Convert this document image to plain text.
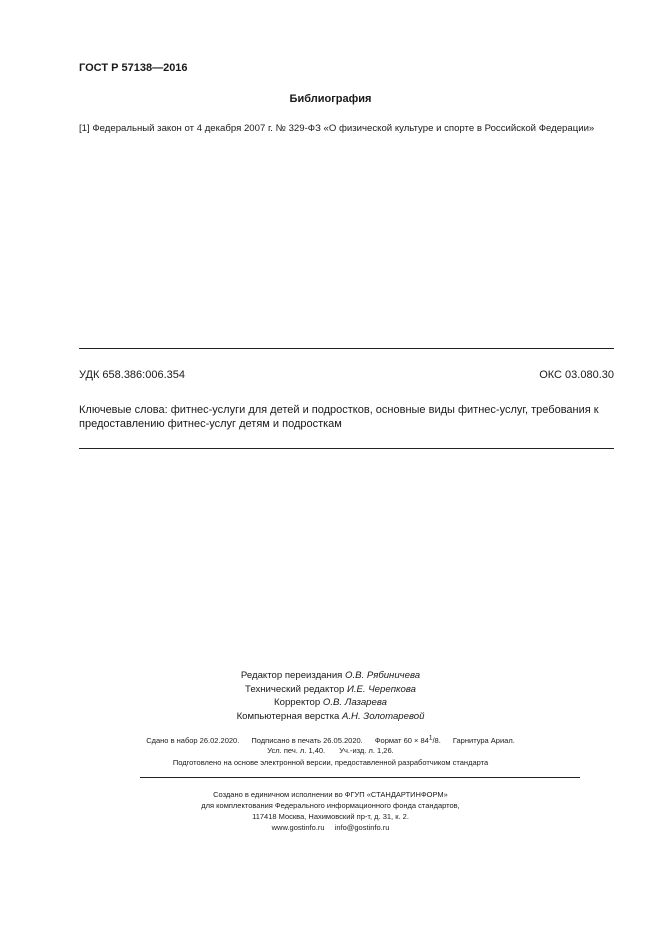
ГОСТ Р 57138—2016
Библиография
[1] Федеральный закон от 4 декабря 2007 г. № 329-ФЗ «О физической культуре и спорте в Российской Федерации»
УДК 658.386:006.354	ОКС 03.080.30
Ключевые слова: фитнес-услуги для детей и подростков, основные виды фитнес-услуг, требования к предоставлению фитнес-услуг детям и подросткам
Редактор переиздания О.В. Рябиничева
Технический редактор И.Е. Черепкова
Корректор О.В. Лазарева
Компьютерная верстка А.Н. Золотаревой
Сдано в набор 26.02.2020. Подписано в печать 26.05.2020. Формат $60 \times 84^1/8$. Гарнитура Ариал.
Усл. печ. л. 1,40. Уч.-изд. л. 1,26.
Подготовлено на основе электронной версии, предоставленной разработчиком стандарта
Создано в единичном исполнении во ФГУП «СТАНДАРТИНФОРМ»
для комплектования Федерального информационного фонда стандартов,
117418 Москва, Нахимовский пр-т, д. 31, к. 2.
www.gostinfo.ru info@gostinfo.ru
